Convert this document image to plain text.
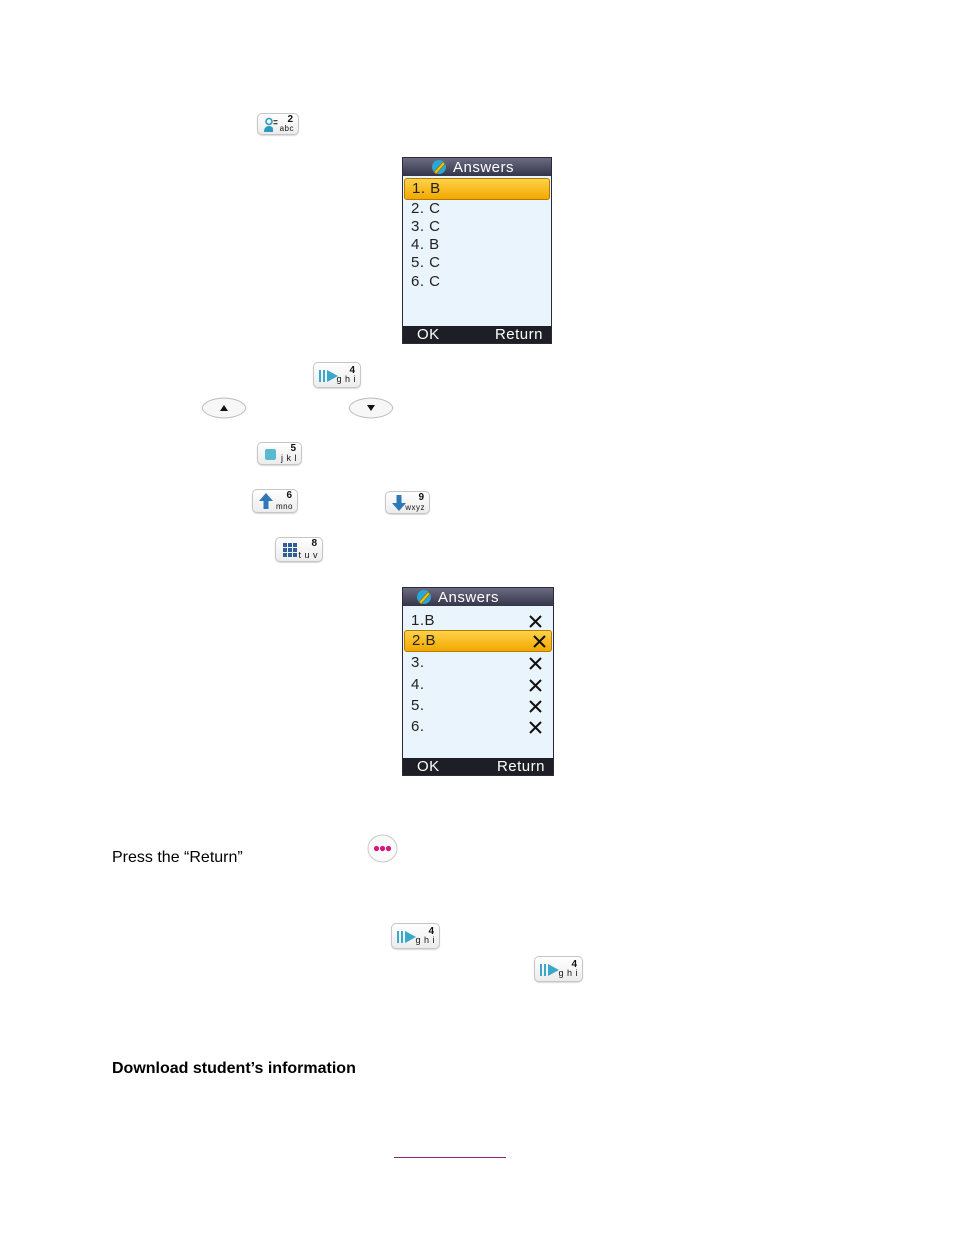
2
abc
Answers
1. B
2. C
3. C
4. B
5. C
6. C
OK	Return
4
g h i
5
j k l
6
mno
9
wxyz
8
t u v
Answers
1.B
2.B
3.
4.
5.
6.
OK	Return
Press the “Return”
4
g h i
4
g h i
Download student’s information
